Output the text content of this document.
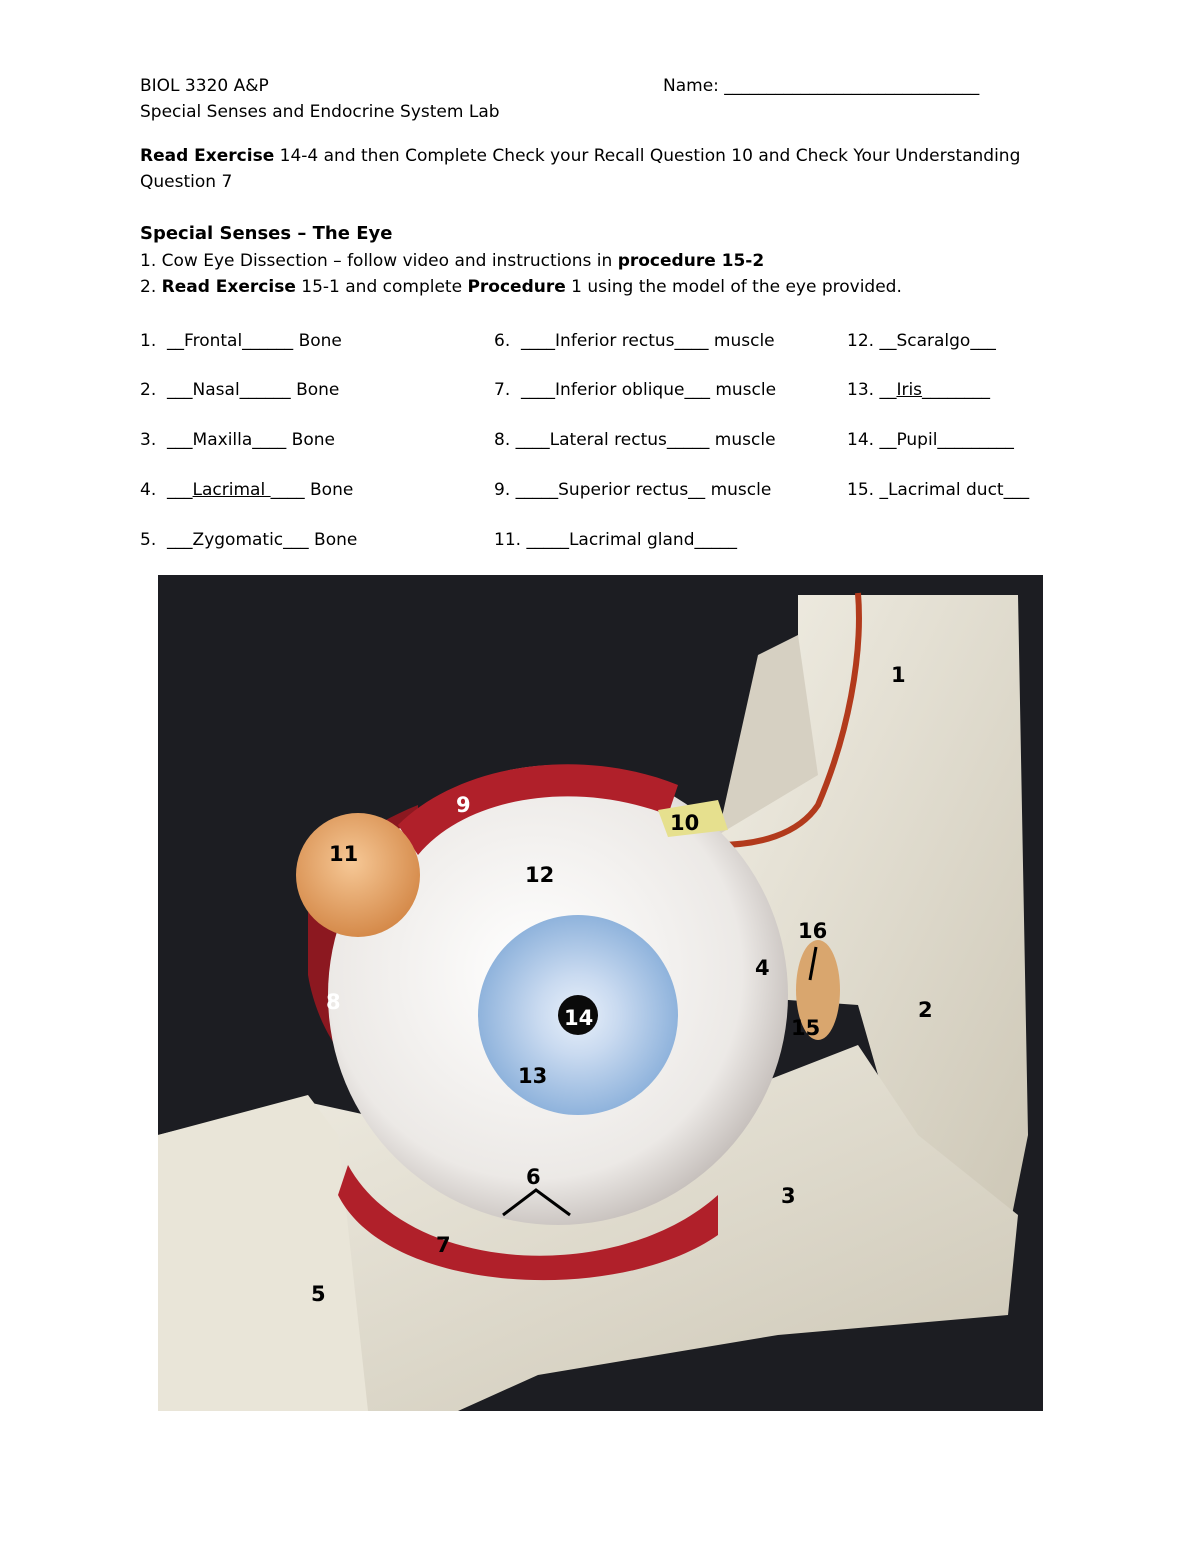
BIOL 3320 A&P	Name: ______________________________
Special Senses and Endocrine System Lab
Read Exercise 14-4 and then Complete Check your Recall Question 10 and Check Your Understanding
Question 7
Special Senses – The Eye
1. Cow Eye Dissection – follow video and instructions in procedure 15-2
2. Read Exercise 15-1 and complete Procedure 1 using the model of the eye provided.
1.  __Frontal______ Bone
2.  ___Nasal______ Bone
3.  ___Maxilla____ Bone
4.  ___Lacrimal ____ Bone
5.  ___Zygomatic___ Bone
6.  ____Inferior rectus____ muscle
7.  ____Inferior oblique___ muscle
8. ____Lateral rectus_____ muscle
9. _____Superior rectus__ muscle
11. _____Lacrimal gland_____
12. __Scaralgo___
13. __Iris________
14. __Pupil_________
15. _Lacrimal duct___
1
2
3
4
5
6
7
8
9
10
11
12
13
14	15
16
